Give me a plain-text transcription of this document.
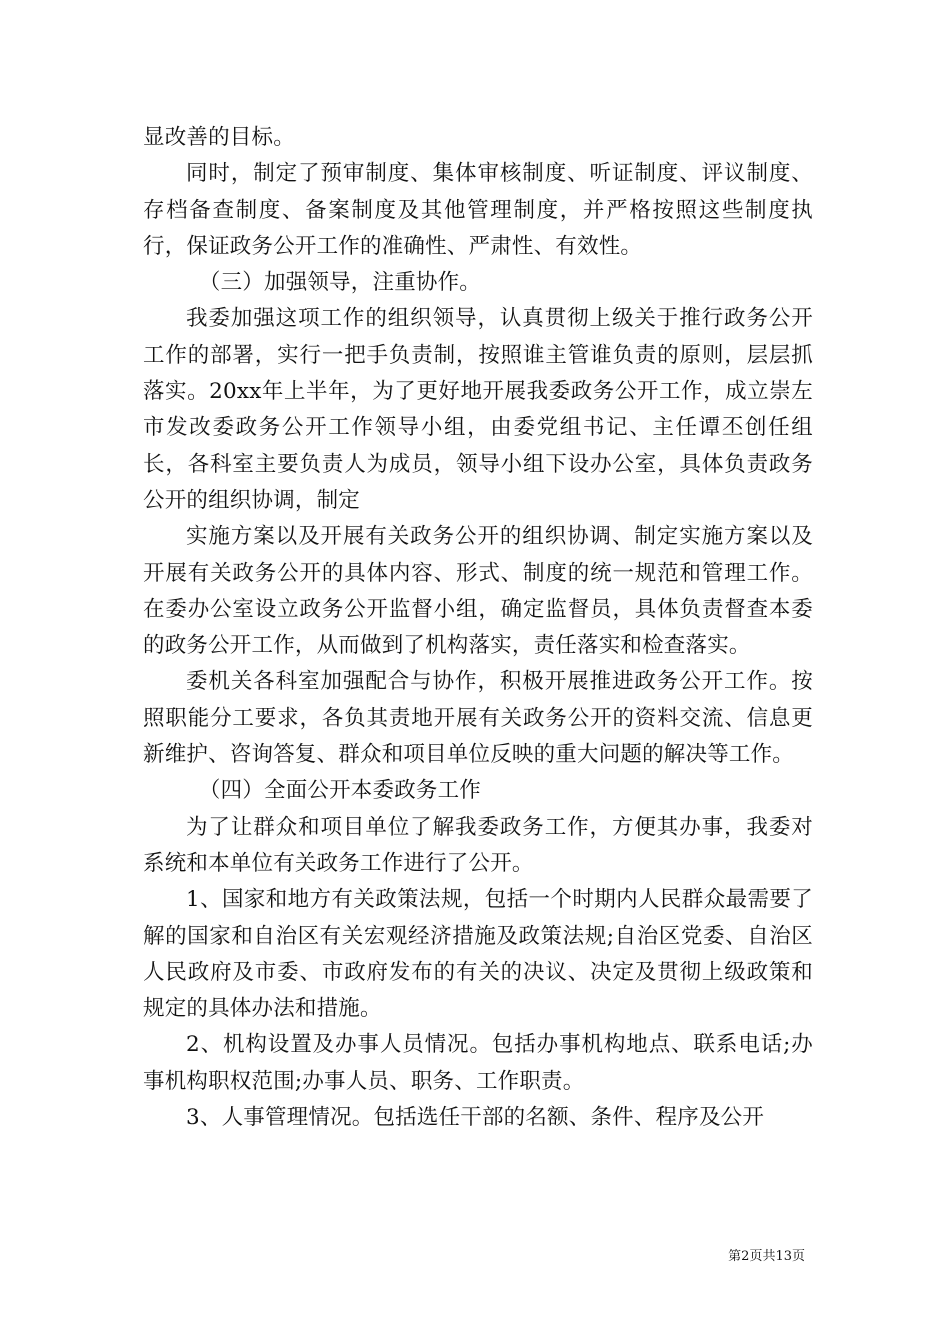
显改善的目标。

同时，制定了预审制度、集体审核制度、听证制度、评议制度、存档备查制度、备案制度及其他管理制度，并严格按照这些制度执行，保证政务公开工作的准确性、严肃性、有效性。

（三）加强领导，注重协作。

我委加强这项工作的组织领导，认真贯彻上级关于推行政务公开工作的部署，实行一把手负责制，按照谁主管谁负责的原则，层层抓落实。20xx年上半年，为了更好地开展我委政务公开工作，成立崇左市发改委政务公开工作领导小组，由委党组书记、主任谭丕创任组长，各科室主要负责人为成员，领导小组下设办公室，具体负责政务公开的组织协调，制定

实施方案以及开展有关政务公开的组织协调、制定实施方案以及开展有关政务公开的具体内容、形式、制度的统一规范和管理工作。在委办公室设立政务公开监督小组，确定监督员，具体负责督查本委的政务公开工作，从而做到了机构落实，责任落实和检查落实。

委机关各科室加强配合与协作，积极开展推进政务公开工作。按照职能分工要求，各负其责地开展有关政务公开的资料交流、信息更新维护、咨询答复、群众和项目单位反映的重大问题的解决等工作。

（四）全面公开本委政务工作

为了让群众和项目单位了解我委政务工作，方便其办事，我委对系统和本单位有关政务工作进行了公开。

1、国家和地方有关政策法规，包括一个时期内人民群众最需要了解的国家和自治区有关宏观经济措施及政策法规;自治区党委、自治区人民政府及市委、市政府发布的有关的决议、决定及贯彻上级政策和规定的具体办法和措施。

2、机构设置及办事人员情况。包括办事机构地点、联系电话;办事机构职权范围;办事人员、职务、工作职责。

3、人事管理情况。包括选任干部的名额、条件、程序及公开

第2页共13页
